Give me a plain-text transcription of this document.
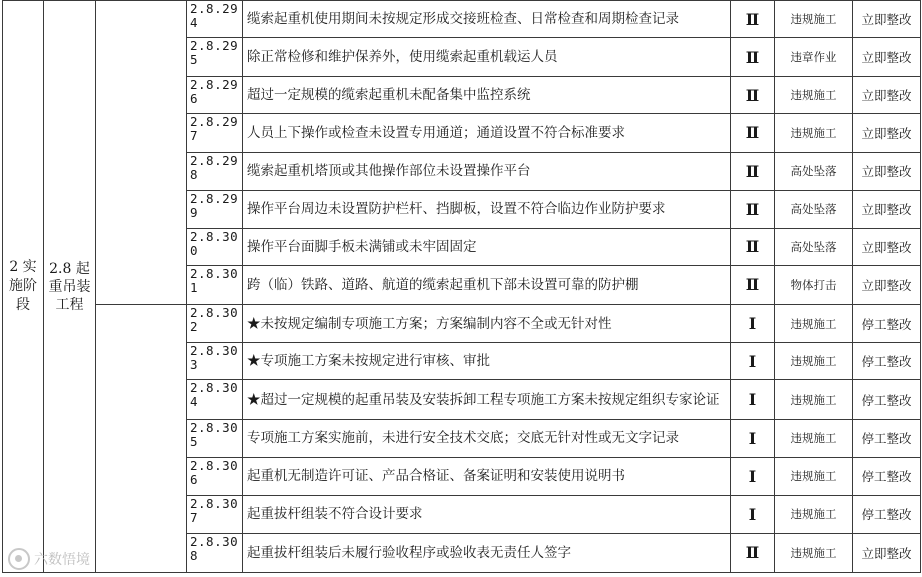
2 实施阶段	2.8 起重吊装工程		2.8.294	缆索起重机使用期间未按规定形成交接班检查、日常检查和周期检查记录	Ⅱ	违规施工	立即整改
			2.8.295	除正常检修和维护保养外，使用缆索起重机载运人员	Ⅱ	违章作业	立即整改
			2.8.296	超过一定规模的缆索起重机未配备集中监控系统	Ⅱ	违规施工	立即整改
			2.8.297	人员上下操作或检查未设置专用通道；通道设置不符合标准要求	Ⅱ	违规施工	立即整改
			2.8.298	缆索起重机塔顶或其他操作部位未设置操作平台	Ⅱ	高处坠落	立即整改
			2.8.299	操作平台周边未设置防护栏杆、挡脚板，设置不符合临边作业防护要求	Ⅱ	高处坠落	立即整改
			2.8.300	操作平台面脚手板未满铺或未牢固固定	Ⅱ	高处坠落	立即整改
			2.8.301	跨（临）铁路、道路、航道的缆索起重机下部未设置可靠的防护棚	Ⅱ	物体打击	立即整改
			2.8.302	★未按规定编制专项施工方案；方案编制内容不全或无针对性	Ⅰ	违规施工	停工整改
			2.8.303	★专项施工方案未按规定进行审核、审批	Ⅰ	违规施工	停工整改
			2.8.304	★超过一定规模的起重吊装及安装拆卸工程专项施工方案未按规定组织专家论证	Ⅰ	违规施工	停工整改
			2.8.305	专项施工方案实施前，未进行安全技术交底；交底无针对性或无文字记录	Ⅰ	违规施工	停工整改
			2.8.306	起重机无制造许可证、产品合格证、备案证明和安装使用说明书	Ⅰ	违规施工	停工整改
			2.8.307	起重拔杆组装不符合设计要求	Ⅰ	违规施工	停工整改
			2.8.308	起重拔杆组装后未履行验收程序或验收表无责任人签字	Ⅱ	违规施工	立即整改
六数悟境
